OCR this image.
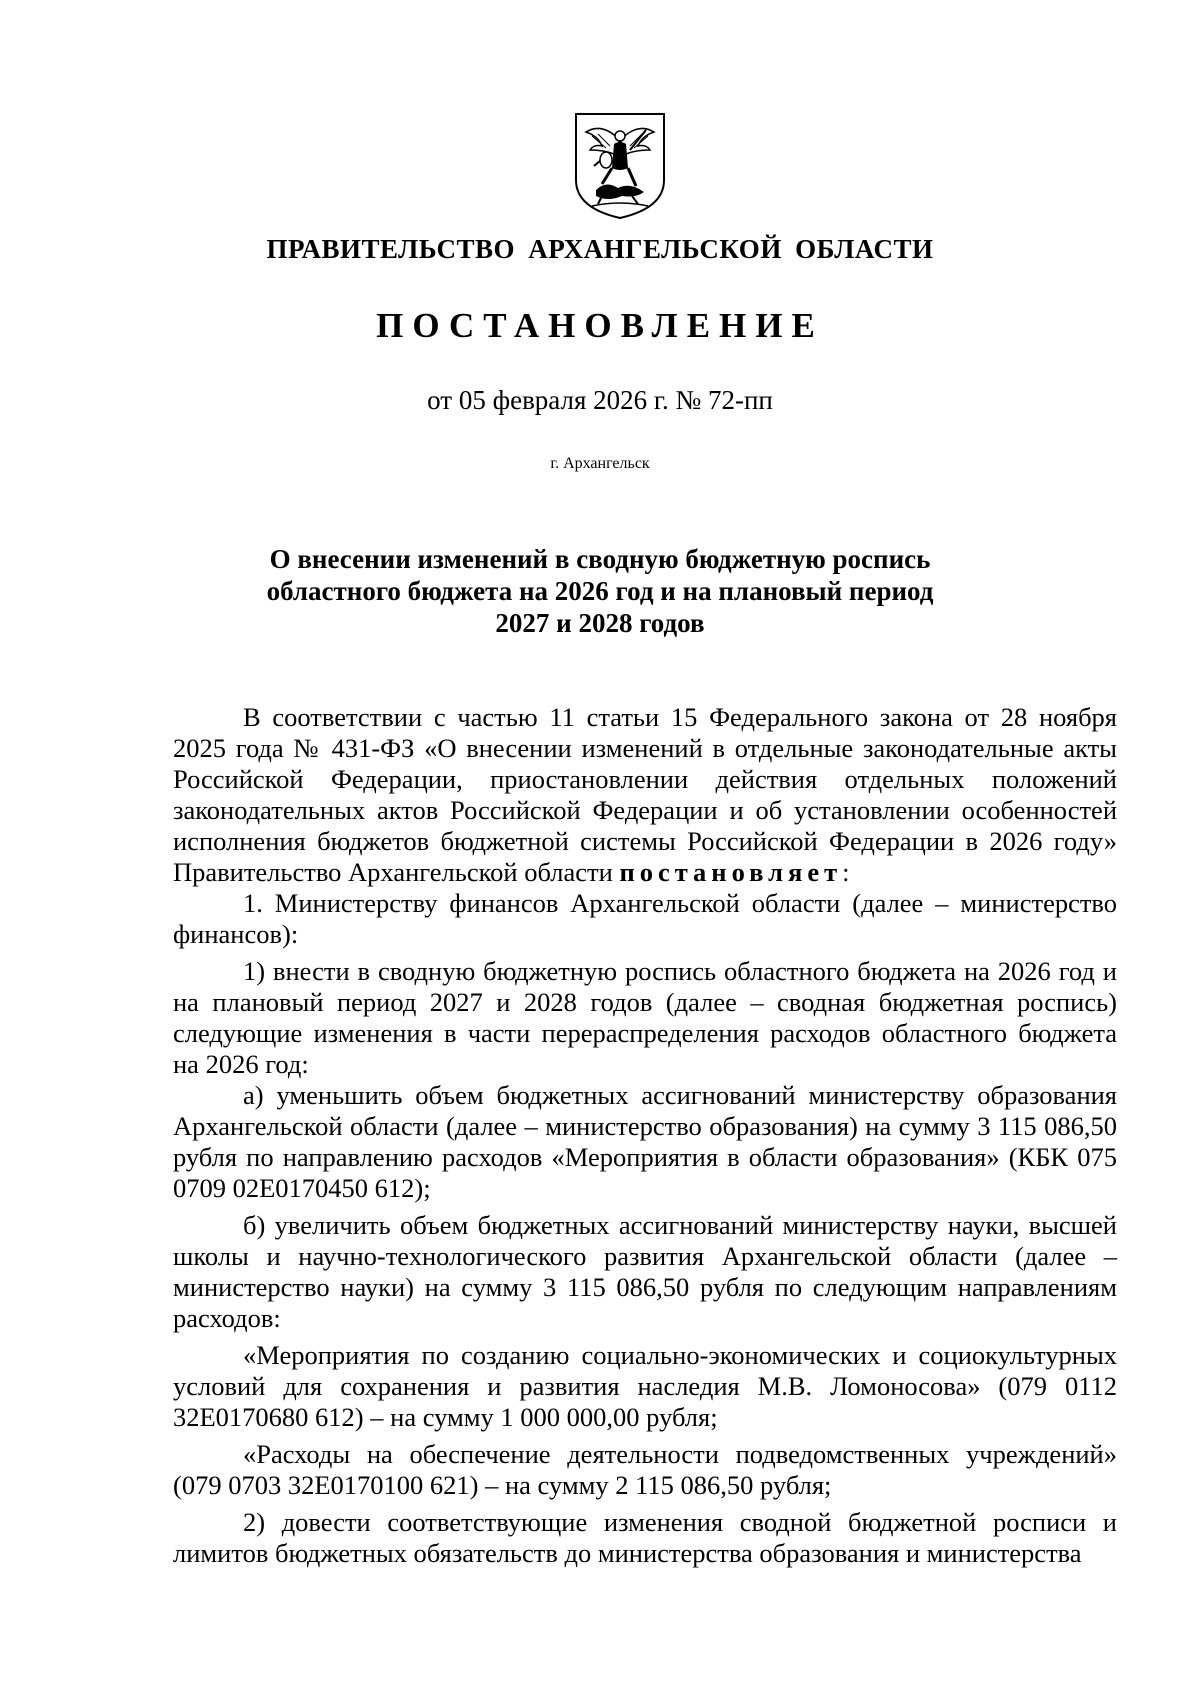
ПРАВИТЕЛЬСТВО АРХАНГЕЛЬСКОЙ ОБЛАСТИ
ПОСТАНОВЛЕНИЕ
от 05 февраля 2026 г. № 72-пп
г. Архангельск
О внесении изменений в сводную бюджетную роспись
областного бюджета на 2026 год и на плановый период
2027 и 2028 годов

В соответствии с частью 11 статьи 15 Федерального закона от 28 ноября 2025 года № 431-ФЗ «О внесении изменений в отдельные законодательные акты Российской Федерации, приостановлении действия отдельных положений законодательных актов Российской Федерации и об установлении особенностей исполнения бюджетов бюджетной системы Российской Федерации в 2026 году» Правительство Архангельской области постановляет:

1. Министерству финансов Архангельской области (далее – министерство финансов):

1) внести в сводную бюджетную роспись областного бюджета на 2026 год и на плановый период 2027 и 2028 годов (далее – сводная бюджетная роспись) следующие изменения в части перераспределения расходов областного бюджета на 2026 год:

а) уменьшить объем бюджетных ассигнований министерству образования Архангельской области (далее – министерство образования) на сумму 3 115 086,50 рубля по направлению расходов «Мероприятия в области образования» (КБК 075 0709 02Е0170450 612);

б) увеличить объем бюджетных ассигнований министерству науки, высшей школы и научно-технологического развития Архангельской области (далее – министерство науки) на сумму 3 115 086,50 рубля по следующим направлениям расходов:

«Мероприятия по созданию социально-экономических и социокультурных условий для сохранения и развития наследия М.В. Ломоносова» (079 0112 32Е0170680 612) – на сумму 1 000 000,00 рубля;

«Расходы на обеспечение деятельности подведомственных учреждений» (079 0703 32Е0170100 621) – на сумму 2 115 086,50 рубля;

2) довести соответствующие изменения сводной бюджетной росписи и лимитов бюджетных обязательств до министерства образования и министерства
